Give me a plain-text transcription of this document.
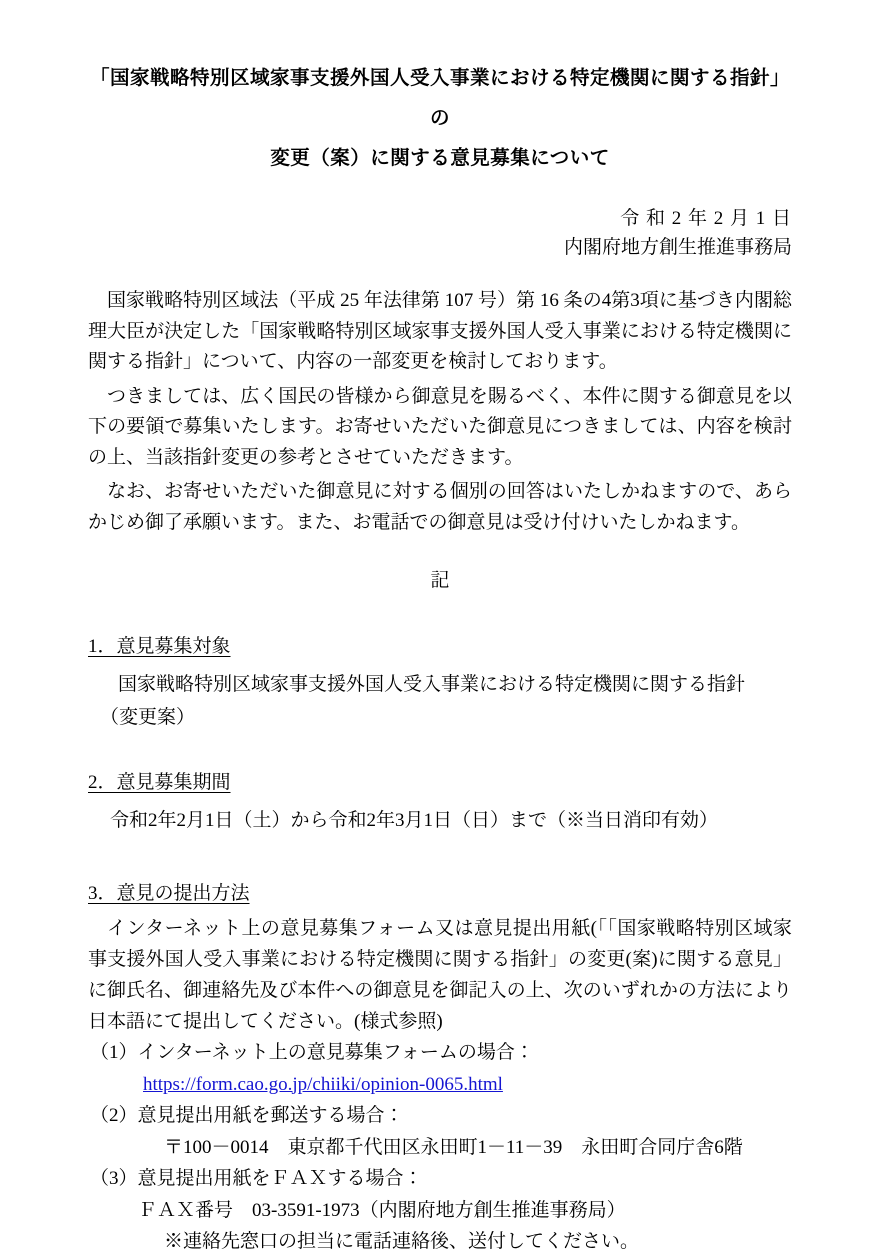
「国家戦略特別区域家事支援外国人受入事業における特定機関に関する指針」の
変更（案）に関する意見募集について
令 和 2 年 2 月 1 日
内閣府地方創生推進事務局

国家戦略特別区域法（平成 25 年法律第 107 号）第 16 条の4第3項に基づき内閣総理大臣が決定した「国家戦略特別区域家事支援外国人受入事業における特定機関に関する指針」について、内容の一部変更を検討しております。

つきましては、広く国民の皆様から御意見を賜るべく、本件に関する御意見を以下の要領で募集いたします。お寄せいただいた御意見につきましては、内容を検討の上、当該指針変更の参考とさせていただきます。

なお、お寄せいただいた御意見に対する個別の回答はいたしかねますので、あらかじめ御了承願います。また、お電話での御意見は受け付けいたしかねます。

記
1．意見募集対象
国家戦略特別区域家事支援外国人受入事業における特定機関に関する指針
（変更案）
2．意見募集期間
令和2年2月1日（土）から令和2年3月1日（日）まで（※当日消印有効）
3．意見の提出方法

インターネット上の意見募集フォーム又は意見提出用紙(「「国家戦略特別区域家事支援外国人受入事業における特定機関に関する指針」の変更(案)に関する意見」に御氏名、御連絡先及び本件への御意見を御記入の上、次のいずれかの方法により日本語にて提出してください。(様式参照)

（1）インターネット上の意見募集フォームの場合：
https://form.cao.go.jp/chiiki/opinion-0065.html
（2）意見提出用紙を郵送する場合：
〒100－0014　東京都千代田区永田町1－11－39　永田町合同庁舎6階
（3）意見提出用紙をＦＡＸする場合：
ＦＡＸ番号　03-3591-1973（内閣府地方創生推進事務局）
※連絡先窓口の担当に電話連絡後、送付してください。
